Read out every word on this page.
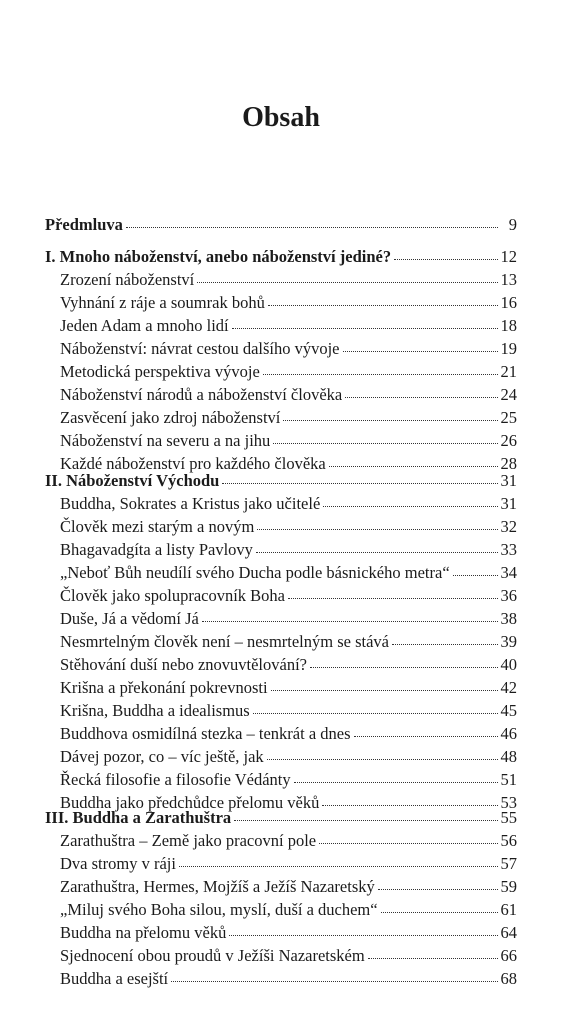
Obsah
Předmluva	9
I. Mnoho náboženství, anebo náboženství jediné?	12
Zrození náboženství	13
Vyhnání z ráje a soumrak bohů	16
Jeden Adam a mnoho lidí	18
Náboženství: návrat cestou dalšího vývoje	19
Metodická perspektiva vývoje	21
Náboženství národů a náboženství člověka	24
Zasvěcení jako zdroj náboženství	25
Náboženství na severu a na jihu	26
Každé náboženství pro každého člověka	28
II. Náboženství Východu	31
Buddha, Sokrates a Kristus jako učitelé	31
Člověk mezi starým a novým	32
Bhagavadgíta a listy Pavlovy	33
„Neboť Bůh neudílí svého Ducha podle básnického metra“	34
Člověk jako spolupracovník Boha	36
Duše, Já a vědomí Já	38
Nesmrtelným člověk není – nesmrtelným se stává	39
Stěhování duší nebo znovuvtělování?	40
Krišna a překonání pokrevnosti	42
Krišna, Buddha a idealismus	45
Buddhova osmidílná stezka – tenkrát a dnes	46
Dávej pozor, co – víc ještě, jak	48
Řecká filosofie a filosofie Védánty	51
Buddha jako předchůdce přelomu věků	53
III. Buddha a Zarathuštra	55
Zarathuštra – Země jako pracovní pole	56
Dva stromy v ráji	57
Zarathuštra, Hermes, Mojžíš a Ježíš Nazaretský	59
„Miluj svého Boha silou, myslí, duší a duchem“	61
Buddha na přelomu věků	64
Sjednocení obou proudů v Ježíši Nazaretském	66
Buddha a esejští	68
